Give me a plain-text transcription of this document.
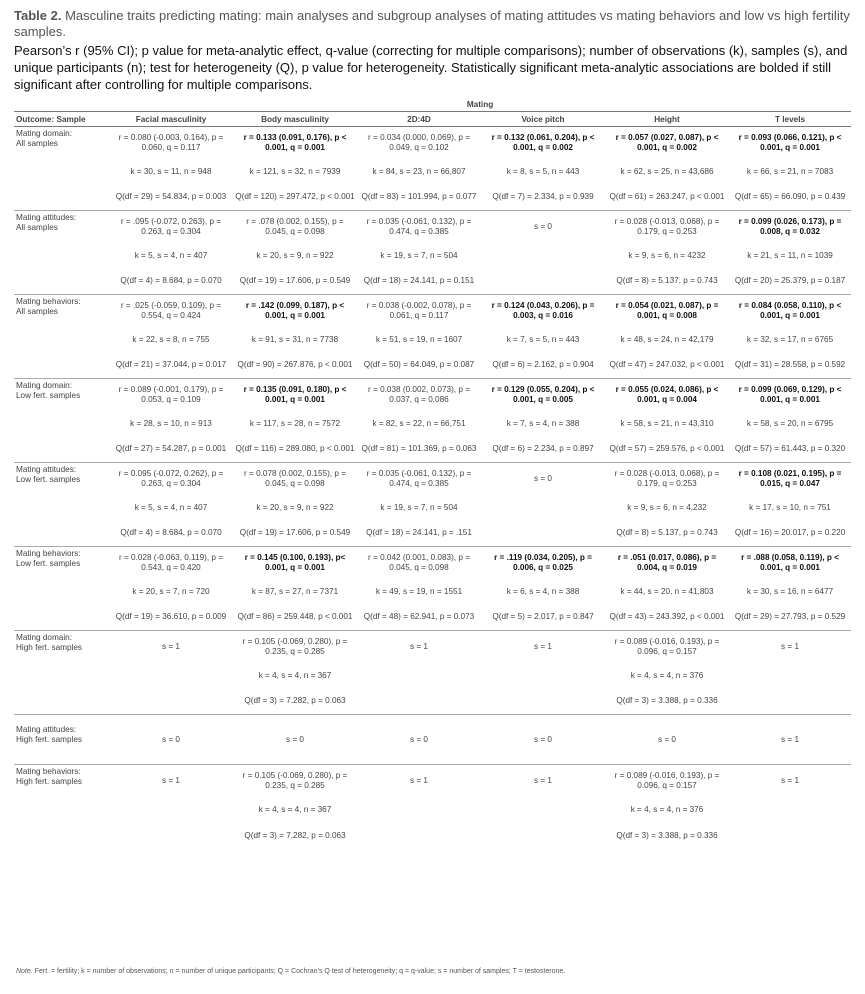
Table 2. Masculine traits predicting mating: main analyses and subgroup analyses of mating attitudes vs mating behaviors and low vs high fertility samples.

Pearson’s r (95% CI); p value for meta-analytic effect, q-value (correcting for multiple comparisons); number of observations (k), samples (s), and unique participants (n); test for heterogeneity (Q), p value for heterogeneity. Statistically significant meta-analytic associations are bolded if still significant after controlling for multiple comparisons.

	Mating					
Outcome: Sample	Facial masculinity	Body masculinity	2D:4D	Voice pitch	Height	T levels

Mating domain:
All samples	r = 0.080 (-0.003, 0.164), p = 0.060, q = 0.117	r = 0.133 (0.091, 0.176), p < 0.001, q = 0.001	r = 0.034 (0.000, 0.069), p = 0.049, q = 0.102	r = 0.132 (0.061, 0.204), p < 0.001, q = 0.002	r = 0.057 (0.027, 0.087), p < 0.001, q = 0.002	r = 0.093 (0.066, 0.121), p < 0.001, q = 0.001
	k = 30, s = 11, n = 948	k = 121, s = 32, n = 7939	k = 84, s = 23, n = 66,807	k = 8, s = 5, n = 443	k = 62, s = 25, n = 43,686	k = 66, s = 21, n = 7083
	Q(df = 29) = 54.834, p = 0.003	Q(df = 120) = 297.472, p < 0.001	Q(df = 83) = 101.994, p = 0.077	Q(df = 7) = 2.334, p = 0.939	Q(df = 61) = 263.247, p < 0.001	Q(df = 65) = 66.090, p = 0.439

Mating attitudes:
All samples	r = .095 (-0.072, 0.263), p = 0.263, q = 0.304	r = .078 (0.002, 0.155), p = 0.045, q = 0.098	r = 0.035 (-0.061, 0.132), p = 0.474, q = 0.385	s = 0	r = 0.028 (-0.013, 0.068), p = 0.179, q = 0.253	r = 0.099 (0.026, 0.173), p = 0.008, q = 0.032
	k = 5, s = 4, n = 407	k = 20, s = 9, n = 922	k = 19, s = 7, n = 504		k = 9, s = 6, n = 4232	k = 21, s = 11, n = 1039
	Q(df = 4) = 8.684, p = 0.070	Q(df = 19) = 17.606, p = 0.549	Q(df = 18) = 24.141, p = 0.151		Q(df = 8) = 5.137, p = 0.743	Q(df = 20) = 25.379, p = 0.187

Mating behaviors:
All samples	r = .025 (-0.059, 0.109), p = 0.554, q = 0.424	r = .142 (0.099, 0.187), p < 0.001, q = 0.001	r = 0.038 (-0.002, 0.078), p = 0.061, q = 0.117	r = 0.124 (0.043, 0.206), p = 0.003, q = 0.016	r = 0.054 (0.021, 0.087), p = 0.001, q = 0.008	r = 0.084 (0.058, 0.110), p < 0.001, q = 0.001
	k = 22, s = 8, n = 755	k = 91, s = 31, n = 7738	k = 51, s = 19, n = 1607	k = 7, s = 5, n = 443	k = 48, s = 24, n = 42,179	k = 32, s = 17, n = 6765
	Q(df = 21) = 37.044, p = 0.017	Q(df = 90) = 267.876, p < 0.001	Q(df = 50) = 64.049, p = 0.087	Q(df = 6) = 2.162, p = 0.904	Q(df = 47) = 247.032, p < 0.001	Q(df = 31) = 28.558, p = 0.592

Mating domain:
Low fert. samples	r = 0.089 (-0.001, 0.179), p = 0.053, q = 0.109	r = 0.135 (0.091, 0.180), p < 0.001, q = 0.001	r = 0.038 (0.002, 0.073), p = 0.037, q = 0.086	r = 0.129 (0.055, 0.204), p < 0.001, q = 0.005	r = 0.055 (0.024, 0.086), p < 0.001, q = 0.004	r = 0.099 (0.069, 0.129), p < 0.001, q = 0.001
	k = 28, s = 10, n = 913	k = 117, s = 28, n = 7572	k = 82, s = 22, n = 66,751	k = 7, s = 4, n = 388	k = 58, s = 21, n = 43,310	k = 58, s = 20, n = 6795
	Q(df = 27) = 54.287, p = 0.001	Q(df = 116) = 289.080, p < 0.001	Q(df = 81) = 101.369, p = 0.063	Q(df = 6) = 2.234, p = 0.897	Q(df = 57) = 259.576, p < 0.001	Q(df = 57) = 61.443, p = 0.320

Mating attitudes:
Low fert. samples	r = 0.095 (-0.072, 0.262), p = 0.263, q = 0.304	r = 0.078 (0.002, 0.155), p = 0.045, q = 0.098	r = 0.035 (-0.061, 0.132), p = 0.474, q = 0.385	s = 0	r = 0.028 (-0.013, 0.068), p = 0.179, q = 0.253	r = 0.108 (0.021, 0.195), p = 0.015, q = 0.047
	k = 5, s = 4, n = 407	k = 20, s = 9, n = 922	k = 19, s = 7, n = 504		k = 9, s = 6, n = 4,232	k = 17, s = 10, n = 751
	Q(df = 4) = 8.684, p = 0.070	Q(df = 19) = 17.606, p = 0.549	Q(df = 18) = 24.141, p = .151		Q(df = 8) = 5.137, p = 0.743	Q(df = 16) = 20.017, p = 0.220

Mating behaviors:
Low fert. samples	r = 0.028 (-0.063, 0.119), p = 0.543, q = 0.420	r = 0.145 (0.100, 0.193), p< 0.001, q = 0.001	r = 0.042 (0.001, 0.083), p = 0.045, q = 0.098	r = .119 (0.034, 0.205), p = 0.006, q = 0.025	r = .051 (0.017, 0.086), p = 0.004, q = 0.019	r = .088 (0.058, 0.119), p < 0.001, q = 0.001
	k = 20, s = 7, n = 720	k = 87, s = 27, n = 7371	k = 49, s = 19, n = 1551	k = 6, s = 4, n = 388	k = 44, s = 20, n = 41,803	k = 30, s = 16, n = 6477
	Q(df = 19) = 36.610, p = 0.009	Q(df = 86) = 259.448, p < 0.001	Q(df = 48) = 62.941, p = 0.073	Q(df = 5) = 2.017, p = 0.847	Q(df = 43) = 243.392, p < 0.001	Q(df = 29) = 27.793, p = 0.529

Mating domain:
High fert. samples	s = 1	r = 0.105 (-0.069, 0.280), p = 0.235, q = 0.285	s = 1	s = 1	r = 0.089 (-0.016, 0.193), p = 0.096, q = 0.157	s = 1
		k = 4, s = 4, n = 367			k = 4, s = 4, n = 376	
		Q(df = 3) = 7.282, p = 0.063			Q(df = 3) = 3.388, p = 0.336	

Mating attitudes:
High fert. samples	s = 0	s = 0	s = 0	s = 0	s = 0	s = 1

Mating behaviors:
High fert. samples	s = 1	r = 0.105 (-0.069, 0.280), p = 0.235, q = 0.285	s = 1	s = 1	r = 0.089 (-0.016, 0.193), p = 0.096, q = 0.157	s = 1
		k = 4, s = 4, n = 367			k = 4, s = 4, n = 376	
		Q(df = 3) = 7.282, p = 0.063			Q(df = 3) = 3.388, p = 0.336	
Note. Fert. = fertility; k = number of observations; n = number of unique participants; Q = Cochran’s Q test of heterogeneity; q = q-value; s = number of samples; T = testosterone.
